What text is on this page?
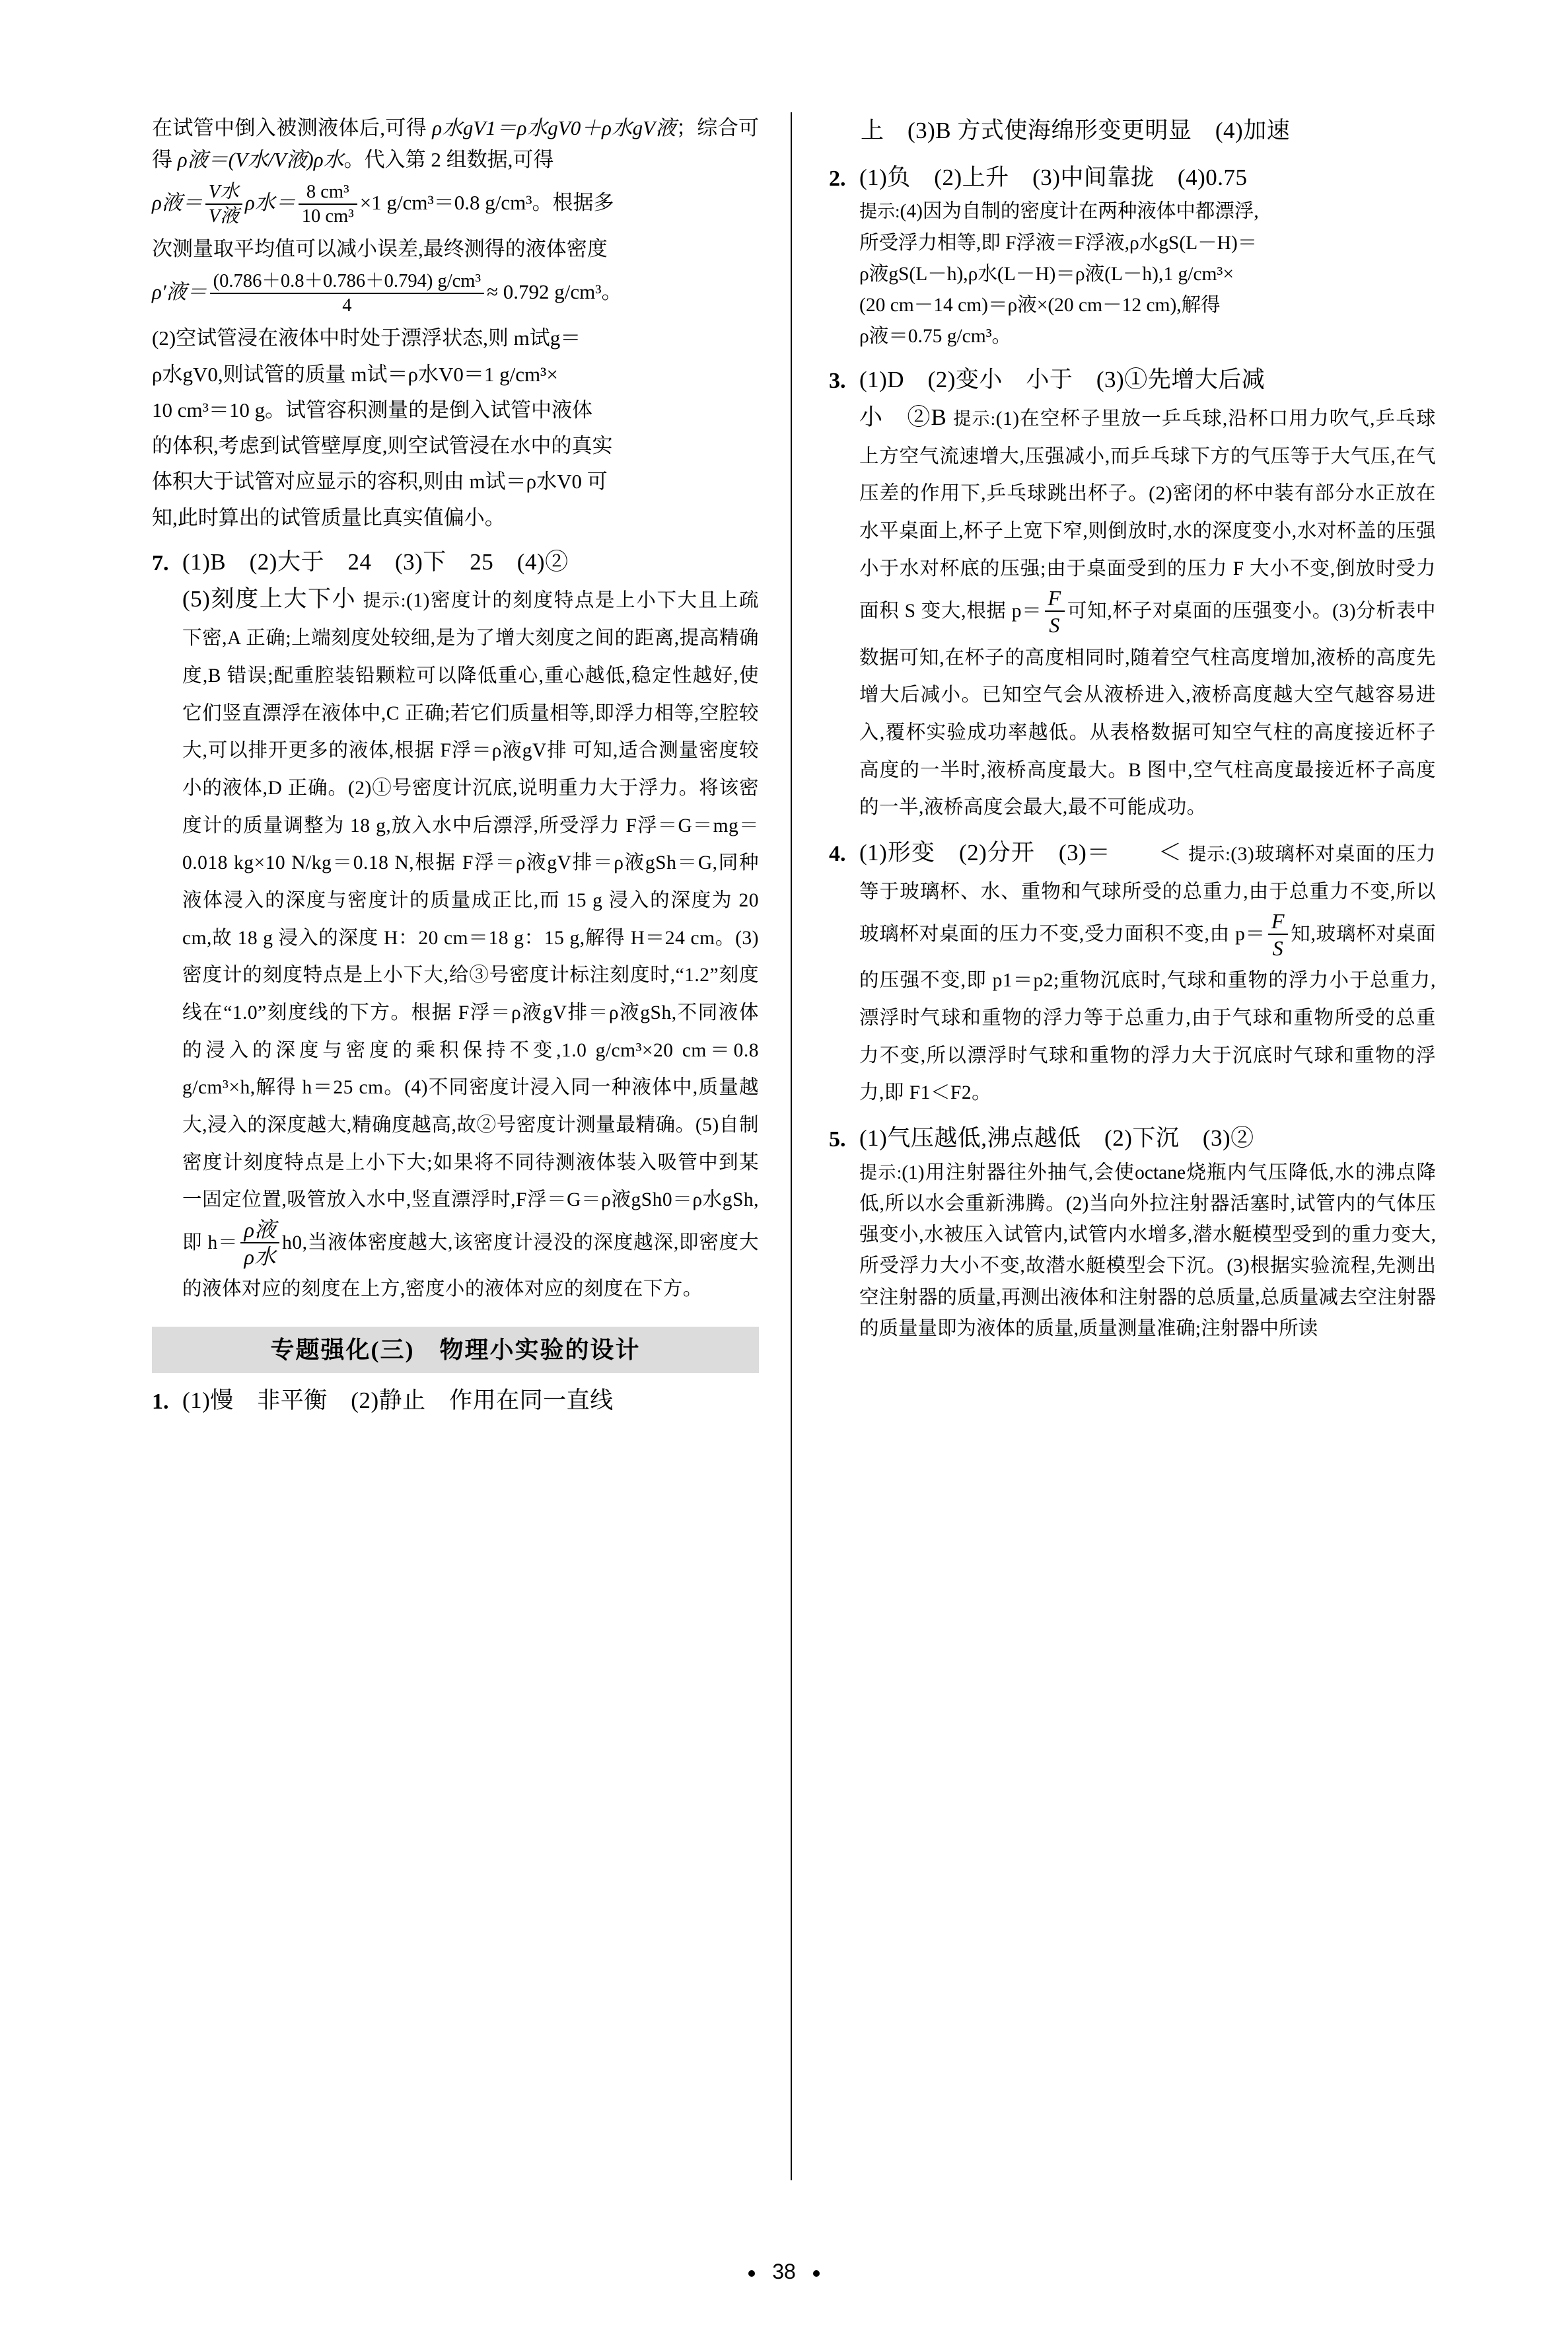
在试管中倒入被测液体后,可得 ρ水gV1＝ρ水gV0＋ρ水gV液；综合可得 ρ液＝(V水/V液)ρ水。代入第 2 组数据,可得
ρ液＝ $\frac{\text{V水}}{\text{V液}}$ ρ水＝ $\frac{\text{8 cm³}}{\text{10 cm³}} \times 1$ g/cm³＝0.8 g/cm³。根据多
次测量取平均值可以减小误差,最终测得的液体密度
ρ′液＝ $\frac{\text{(0.786＋0.8＋0.786＋0.794) g/cm³}}{4} \approx 0.792$ g/cm³。
(2)空试管浸在液体中时处于漂浮状态,则 m试g＝
ρ水gV0,则试管的质量 m试＝ρ水V0＝1 g/cm³×
10 cm³＝10 g。试管容积测量的是倒入试管中液体
的体积,考虑到试管壁厚度,则空试管浸在水中的真实
体积大于试管对应显示的容积,则由 m试＝ρ水V0 可
知,此时算出的试管质量比真实值偏小。
7. (1)B　(2)大于　24　(3)下　25　(4)②
(5)刻度上大下小 提示:(1)密度计的刻度特点是上小下大且上疏下密,A 正确;上端刻度处较细,是为了增大刻度之间的距离,提高精确度,B 错误;配重腔装铅颗粒可以降低重心,重心越低,稳定性越好,使它们竖直漂浮在液体中,C 正确;若它们质量相等,即浮力相等,空腔较大,可以排开更多的液体,根据 F浮＝ρ液gV排 可知,适合测量密度较小的液体,D 正确。(2)①号密度计沉底,说明重力大于浮力。将该密度计的质量调整为 18 g,放入水中后漂浮,所受浮力 F浮＝G＝mg＝0.018 kg×10 N/kg＝0.18 N,根据 F浮＝ρ液gV排＝ρ液gSh＝G,同种液体浸入的深度与密度计的质量成正比,而 15 g 浸入的深度为 20 cm,故 18 g 浸入的深度 H：20 cm＝18 g：15 g,解得 H＝24 cm。(3)密度计的刻度特点是上小下大,给③号密度计标注刻度时,“1.2”刻度线在“1.0”刻度线的下方。根据 F浮＝ρ液gV排＝ρ液gSh,不同液体的浸入的深度与密度的乘积保持不变,1.0 g/cm³×20 cm＝0.8 g/cm³×h,解得 h＝25 cm。(4)不同密度计浸入同一种液体中,质量越大,浸入的深度越大,精确度越高,故②号密度计测量最精确。(5)自制密度计刻度特点是上小下大;如果将不同待测液体装入吸管中到某一固定位置,吸管放入水中,竖直漂浮时,F浮＝G＝ρ液gSh0＝ρ水gSh,即 $h= \frac{\text{ρ液}}{\text{ρ水}} h0$,当液体密度越大,该密度计浸没的深度越深,即密度大的液体对应的刻度在上方,密度小的液体对应的刻度在下方。
专题强化(三)　物理小实验的设计
1. (1)慢　非平衡　(2)静止　作用在同一直线
上　(3)B 方式使海绵形变更明显　(4)加速
2. (1)负　(2)上升　(3)中间靠拢　(4)0.75
提示:(4)因为自制的密度计在两种液体中都漂浮,
所受浮力相等,即 F浮液＝F浮液,ρ水gS(L－H)＝
ρ液gS(L－h),ρ水(L－H)＝ρ液(L－h),1 g/cm³×
(20 cm－14 cm)＝ρ液×(20 cm－12 cm),解得
ρ液＝0.75 g/cm³。
3. (1)D　(2)变小　小于　(3)①先增大后减
小　②B 提示:(1)在空杯子里放一乒乓球,沿杯口用力吹气,乒乓球上方空气流速增大,压强减小,而乒乓球下方的气压等于大气压,在气压差的作用下,乒乓球跳出杯子。(2)密闭的杯中装有部分水正放在水平桌面上,杯子上宽下窄,则倒放时,水的深度变小,水对杯盖的压强小于水对杯底的压强;由于桌面受到的压力 F 大小不变,倒放时受力面积 S 变大,根据 $p= \frac{F}{S}$ 可知,杯子对桌面的压强变小。(3)分析表中数据可知,在杯子的高度相同时,随着空气柱高度增加,液桥的高度先增大后减小。已知空气会从液桥进入,液桥高度越大空气越容易进入,覆杯实验成功率越低。从表格数据可知空气柱的高度接近杯子高度的一半时,液桥高度最大。B 图中,空气柱高度最接近杯子高度的一半,液桥高度会最大,最不可能成功。
4. (1)形变　(2)分开　(3)＝　　＜ 提示:(3)玻璃杯对桌面的压力等于玻璃杯、水、重物和气球所受的总重力,由于总重力不变,所以玻璃杯对桌面的压力不变,受力面积不变,由 $p= \frac{F}{S}$ 知,玻璃杯对桌面的压强不变,即 p1＝p2;重物沉底时,气球和重物的浮力小于总重力,漂浮时气球和重物的浮力等于总重力,由于气球和重物所受的总重力不变,所以漂浮时气球和重物的浮力大于沉底时气球和重物的浮力,即 F1＜F2。
5. (1)气压越低,沸点越低　(2)下沉　(3)②
提示:(1)用注射器往外抽气,会使octane烧瓶内气压降低,水的沸点降低,所以水会重新沸腾。(2)当向外拉注射器活塞时,试管内的气体压强变小,水被压入试管内,试管内水增多,潜水艇模型受到的重力变大,所受浮力大小不变,故潜水艇模型会下沉。(3)根据实验流程,先测出空注射器的质量,再测出液体和注射器的总质量,总质量减去空注射器的质量量即为液体的质量,质量测量准确;注射器中所读
38
